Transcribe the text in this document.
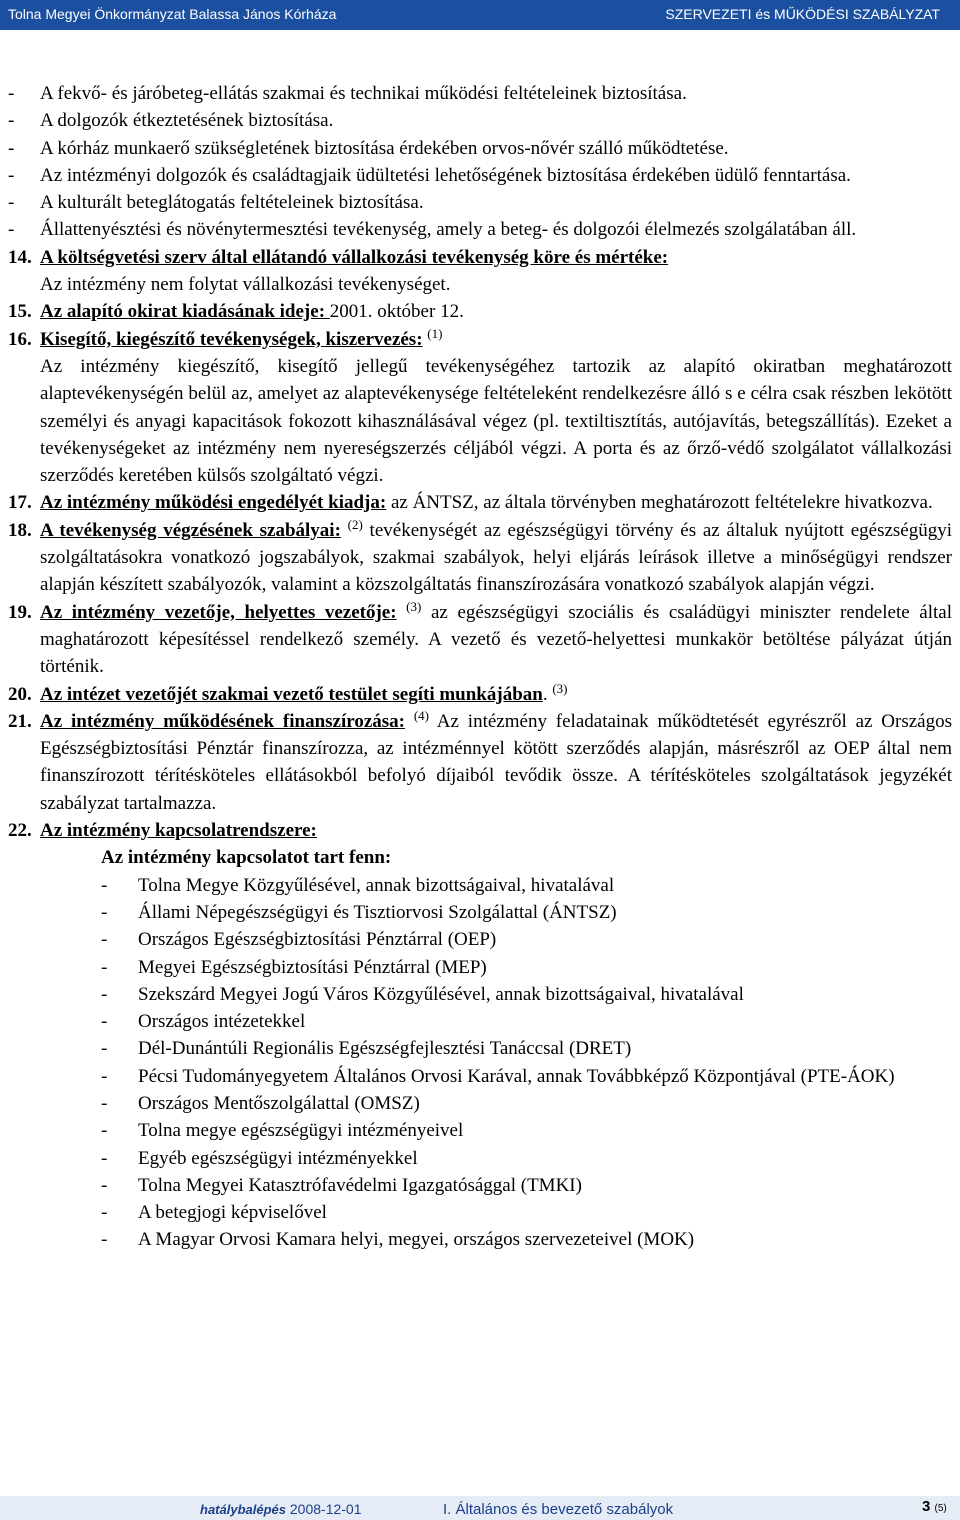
Tolna Megyei Önkormányzat Balassa János Kórháza	SZERVEZETI és MŰKÖDÉSI SZABÁLYZAT
- A fekvő- és járóbeteg-ellátás szakmai és technikai működési feltételeinek biztosítása.
- A dolgozók étkeztetésének biztosítása.
- A kórház munkaerő szükségletének biztosítása érdekében orvos-nővér szálló működtetése.
- Az intézményi dolgozók és családtagjaik üdültetési lehetőségének biztosítása érdekében üdülő fenntartása.
- A kulturált beteglátogatás feltételeinek biztosítása.
- Állattenyésztési és növénytermesztési tevékenység, amely a beteg- és dolgozói élelmezés szolgálatában áll.
14. A költségvetési szerv által ellátandó vállalkozási tevékenység köre és mértéke:
Az intézmény nem folytat vállalkozási tevékenységet.
15. Az alapító okirat kiadásának ideje: 2001. október 12.
16. Kisegítő, kiegészítő tevékenységek, kiszervezés: $^{(1)}$
Az intézmény kiegészítő, kisegítő jellegű tevékenységéhez tartozik az alapító okiratban meghatározott alaptevékenységén belül az, amelyet az alaptevékenysége feltételeként rendelkezésre álló s e célra csak részben lekötött személyi és anyagi kapacitások fokozott kihasználásával végez (pl. textiltisztítás, autójavítás, betegszállítás). Ezeket a tevékenységeket az intézmény nem nyereségszerzés céljából végzi. A porta és az őrző-védő szolgálatot vállalkozási szerződés keretében külsős szolgáltató végzi.
17. Az intézmény működési engedélyét kiadja: az ÁNTSZ, az általa törvényben meghatározott feltételekre hivatkozva.
18. A tevékenység végzésének szabályai: $^{(2)}$ tevékenységét az egészségügyi törvény és az általuk nyújtott egészségügyi szolgáltatásokra vonatkozó jogszabályok, szakmai szabályok, helyi eljárás leírások illetve a minőségügyi rendszer alapján készített szabályozók, valamint a közszolgáltatás finanszírozására vonatkozó szabályok alapján végzi.
19. Az intézmény vezetője, helyettes vezetője: $^{(3)}$ az egészségügyi szociális és családügyi miniszter rendelete által maghatározott képesítéssel rendelkező személy. A vezető és vezető-helyettesi munkakör betöltése pályázat útján történik.
20. Az intézet vezetőjét szakmai vezető testület segíti munkájában. $^{(3)}$
21. Az intézmény működésének finanszírozása: $^{(4)}$ Az intézmény feladatainak működtetését egyrészről az Országos Egészségbiztosítási Pénztár finanszírozza, az intézménnyel kötött szerződés alapján, másrészről az OEP által nem finanszírozott térítésköteles ellátásokból befolyó díjaiból tevődik össze. A térítésköteles szolgáltatások jegyzékét szabályzat tartalmazza.
22. Az intézmény kapcsolatrendszere:
Az intézmény kapcsolatot tart fenn:
- Tolna Megye Közgyűlésével, annak bizottságaival, hivatalával
- Állami Népegészségügyi és Tisztiorvosi Szolgálattal (ÁNTSZ)
- Országos Egészségbiztosítási Pénztárral (OEP)
- Megyei Egészségbiztosítási Pénztárral (MEP)
- Szekszárd Megyei Jogú Város Közgyűlésével, annak bizottságaival, hivatalával
- Országos intézetekkel
- Dél-Dunántúli Regionális Egészségfejlesztési Tanáccsal (DRET)
- Pécsi Tudományegyetem Általános Orvosi Karával, annak Továbbképző Központjával (PTE-ÁOK)
- Országos Mentőszolgálattal (OMSZ)
- Tolna megye egészségügyi intézményeivel
- Egyéb egészségügyi intézményekkel
- Tolna Megyei Katasztrófavédelmi Igazgatósággal (TMKI)
- A betegjogi képviselővel
- A Magyar Orvosi Kamara helyi, megyei, országos szervezeteivel (MOK)
hatálybalépés 2008-12-01	I. Általános és bevezető szabályok	3 (5)
